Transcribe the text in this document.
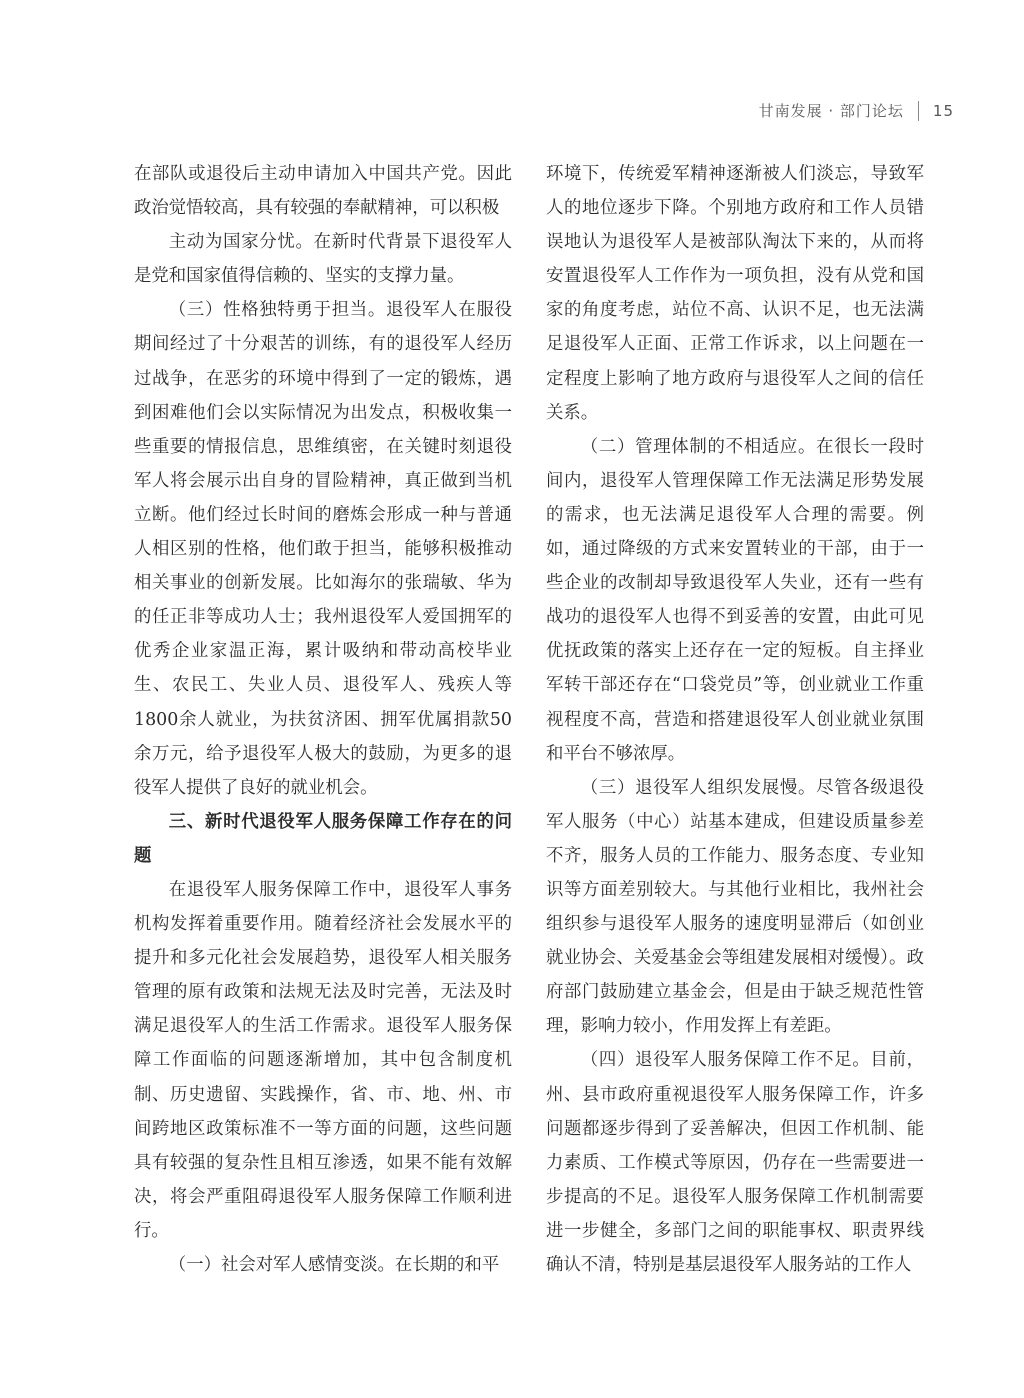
甘南发展 · 部门论坛 15

在部队或退役后主动申请加入中国共产党。因此政治觉悟较高，具有较强的奉献精神，可以积极

主动为国家分忧。在新时代背景下退役军人是党和国家值得信赖的、坚实的支撑力量。

（三）性格独特勇于担当。退役军人在服役期间经过了十分艰苦的训练，有的退役军人经历过战争，在恶劣的环境中得到了一定的锻炼，遇到困难他们会以实际情况为出发点，积极收集一些重要的情报信息，思维缜密，在关键时刻退役军人将会展示出自身的冒险精神，真正做到当机立断。他们经过长时间的磨炼会形成一种与普通人相区别的性格，他们敢于担当，能够积极推动相关事业的创新发展。比如海尔的张瑞敏、华为的任正非等成功人士；我州退役军人爱国拥军的优秀企业家温正海，累计吸纳和带动高校毕业生、农民工、失业人员、退役军人、残疾人等1800余人就业，为扶贫济困、拥军优属捐款50余万元，给予退役军人极大的鼓励，为更多的退役军人提供了良好的就业机会。

三、新时代退役军人服务保障工作存在的问题

在退役军人服务保障工作中，退役军人事务机构发挥着重要作用。随着经济社会发展水平的提升和多元化社会发展趋势，退役军人相关服务管理的原有政策和法规无法及时完善，无法及时满足退役军人的生活工作需求。退役军人服务保障工作面临的问题逐渐增加，其中包含制度机制、历史遗留、实践操作，省、市、地、州、市间跨地区政策标准不一等方面的问题，这些问题具有较强的复杂性且相互渗透，如果不能有效解决，将会严重阻碍退役军人服务保障工作顺利进行。

（一）社会对军人感情变淡。在长期的和平

环境下，传统爱军精神逐渐被人们淡忘，导致军人的地位逐步下降。个别地方政府和工作人员错误地认为退役军人是被部队淘汰下来的，从而将安置退役军人工作作为一项负担，没有从党和国家的角度考虑，站位不高、认识不足，也无法满足退役军人正面、正常工作诉求，以上问题在一定程度上影响了地方政府与退役军人之间的信任关系。

（二）管理体制的不相适应。在很长一段时间内，退役军人管理保障工作无法满足形势发展的需求，也无法满足退役军人合理的需要。例如，通过降级的方式来安置转业的干部，由于一些企业的改制却导致退役军人失业，还有一些有战功的退役军人也得不到妥善的安置，由此可见优抚政策的落实上还存在一定的短板。自主择业军转干部还存在“口袋党员”等，创业就业工作重视程度不高，营造和搭建退役军人创业就业氛围和平台不够浓厚。

（三）退役军人组织发展慢。尽管各级退役军人服务（中心）站基本建成，但建设质量参差不齐，服务人员的工作能力、服务态度、专业知识等方面差别较大。与其他行业相比，我州社会组织参与退役军人服务的速度明显滞后（如创业就业协会、关爱基金会等组建发展相对缓慢）。政府部门鼓励建立基金会，但是由于缺乏规范性管理，影响力较小，作用发挥上有差距。

（四）退役军人服务保障工作不足。目前，州、县市政府重视退役军人服务保障工作，许多问题都逐步得到了妥善解决，但因工作机制、能力素质、工作模式等原因，仍存在一些需要进一步提高的不足。退役军人服务保障工作机制需要进一步健全，多部门之间的职能事权、职责界线确认不清，特别是基层退役军人服务站的工作人
